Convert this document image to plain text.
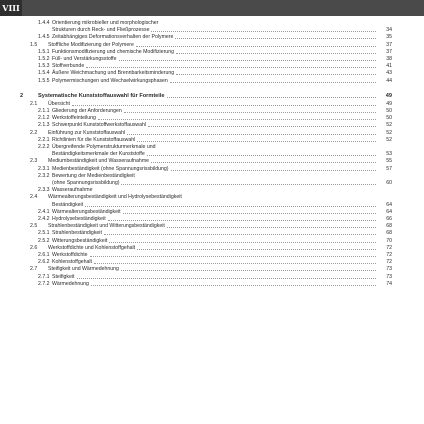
VIII
1.4.4 Orientierung mikrobieller und morphologischer
Strukturen durch Reck- und Fließprozesse	34
1.4.5 Zeitabhängiges Deformationsverhalten der Polymere	35
1.5 Stoffliche Modifizierung der Polymere	37
1.5.1 Funktionsmodifizierung und chemische Modifizierung	37
1.5.2 Füll- und Verstärkungsstoffe	38
1.5.3 Stoffverbunde	41
1.5.4 Äußere Weichmachung und Brennbarkeitsminderung	43
1.5.5 Polymermischungen und Wechselwirkungsphasen	44
2	Systematische Kunststoffauswahl für Formteile	49
2.1 Übersicht	49
2.1.1 Gliederung der Anforderungen	50
2.1.2 Werkstoffeinteilung	50
2.1.3 Schwerpunkt Kunststoffwerkstoffauswahl	52
2.2 Einführung zur Kunststoffauswahl	52
2.2.1 Richtlinien für die Kunststoffauswahl	52
2.2.2 Übergreifende Polymerstrukturmerkmale und
Beständigkeitsmerkmale der Kunststoffe	53
2.3 Mediumbeständigkeit und Wasseraufnahme	55
2.3.1 Medienbeständigkeit (ohne Spannungsrissbildung)	57
2.3.2 Bewertung der Medienbeständigkeit
(ohne Spannungsrissbildung)	60
2.3.3 Wasseraufnahme
2.4 Wärmealterungsbeständigkeit und Hydrolysebeständigkeit
Beständigkeit	64
2.4.1 Wärmealterungsbeständigkeit	64
2.4.2 Hydrolysebeständigkeit	66
2.5 Strahlenbeständigkeit und Witterungsbeständigkeit	68
2.5.1 Strahlenbeständigkeit	68
2.5.2 Witterungsbeständigkeit	70
2.6 Werkstoffdichte und Kohlenstoffgehalt	72
2.6.1 Werkstoffdichte	72
2.6.2 Kohlenstoffgehalt	72
2.7 Steifigkeit und Wärmedehnung	73
2.7.1 Steifigkeit	73
2.7.2 Wärmedehnung	74
